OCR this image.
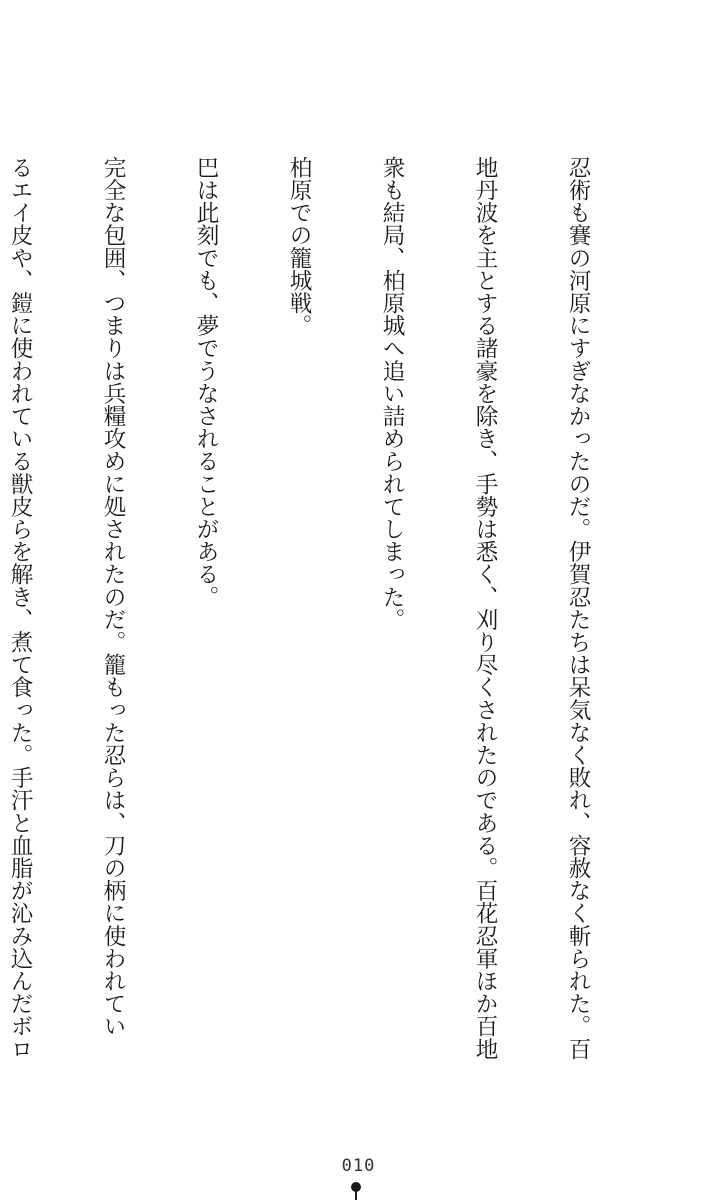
忍術も賽の河原にすぎなかったのだ。伊賀忍たちは呆気なく敗れ、容赦なく斬られた。百

地丹波を主とする諸豪を除き、手勢は悉く、刈り尽くされたのである。百花忍軍ほか百地

衆も結局、柏原城へ追い詰められてしまった。

柏原での籠城戦。

巴は此刻でも、夢でうなされることがある。

完全な包囲、つまりは兵糧攻めに処されたのだ。籠もった忍らは、刀の柄に使われてい

るエイ皮や、鎧に使われている獣皮らを解き、煮て食った。手汗と血脂が沁み込んだボロ

010
